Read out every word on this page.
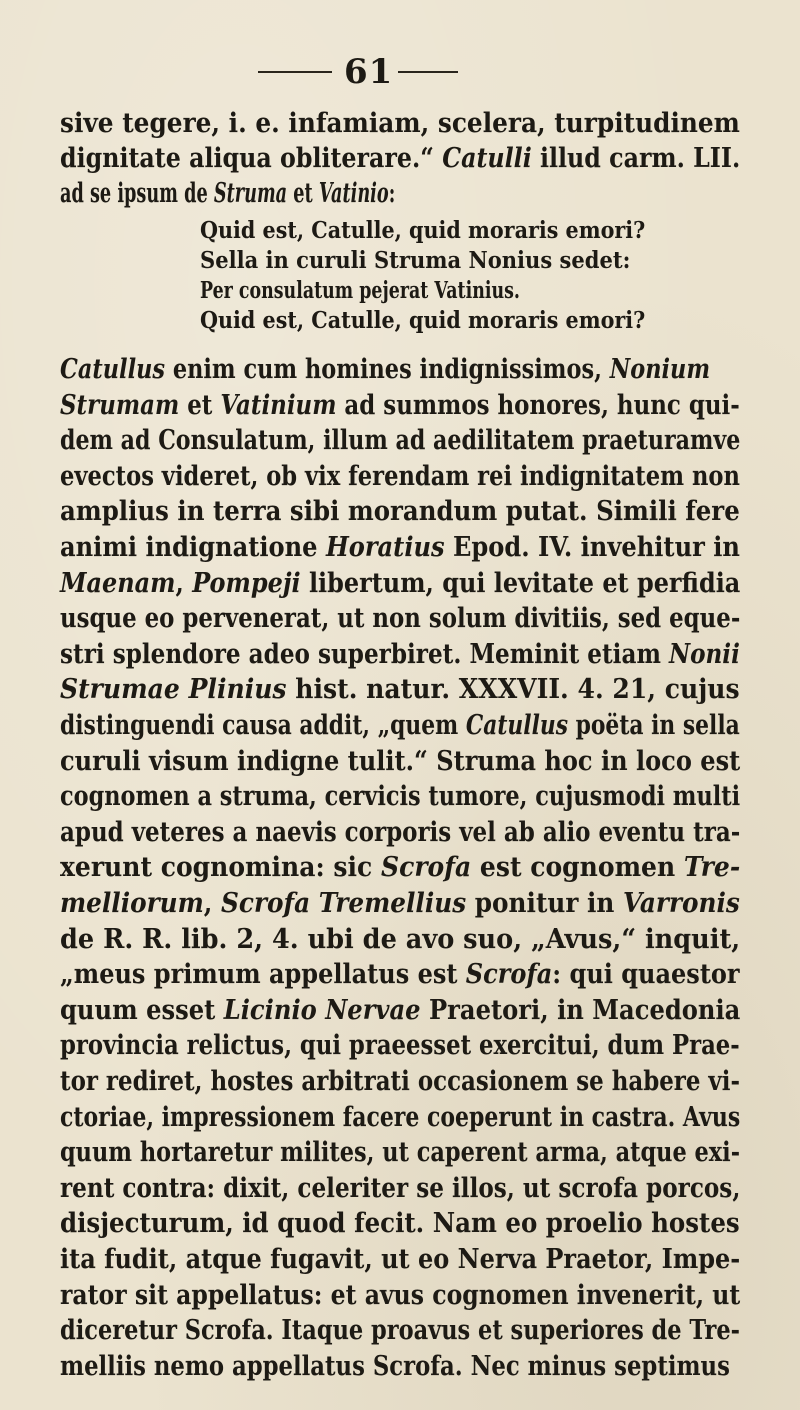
61
sive tegere, i. e. infamiam, scelera, turpitudinem
dignitate aliqua obliterare.“ Catulli illud carm. LII.
ad se ipsum de Struma et Vatinio:
Quid est, Catulle, quid moraris emori?
Sella in curuli Struma Nonius sedet:
Per consulatum pejerat Vatinius.
Quid est, Catulle, quid moraris emori?
Catullus enim cum homines indignissimos, Nonium
Strumam et Vatinium ad summos honores, hunc qui-
dem ad Consulatum, illum ad aedilitatem praeturamve
evectos videret, ob vix ferendam rei indignitatem non
amplius in terra sibi morandum putat. Simili fere
animi indignatione Horatius Epod. IV. invehitur in
Maenam, Pompeji libertum, qui levitate et perfidia
usque eo pervenerat, ut non solum divitiis, sed eque-
stri splendore adeo superbiret. Meminit etiam Nonii
Strumae Plinius hist. natur. XXXVII. 4. 21, cujus
distinguendi causa addit, „quem Catullus poëta in sella
curuli visum indigne tulit.“ Struma hoc in loco est
cognomen a struma, cervicis tumore, cujusmodi multi
apud veteres a naevis corporis vel ab alio eventu tra-
xerunt cognomina: sic Scrofa est cognomen Tre-
melliorum, Scrofa Tremellius ponitur in Varronis
de R. R. lib. 2, 4. ubi de avo suo, „Avus,“ inquit,
„meus primum appellatus est Scrofa: qui quaestor
quum esset Licinio Nervae Praetori, in Macedonia
provincia relictus, qui praeesset exercitui, dum Prae-
tor rediret, hostes arbitrati occasionem se habere vi-
ctoriae, impressionem facere coeperunt in castra. Avus
quum hortaretur milites, ut caperent arma, atque exi-
rent contra: dixit, celeriter se illos, ut scrofa porcos,
disjecturum, id quod fecit. Nam eo proelio hostes
ita fudit, atque fugavit, ut eo Nerva Praetor, Impe-
rator sit appellatus: et avus cognomen invenerit, ut
diceretur Scrofa. Itaque proavus et superiores de Tre-
melliis nemo appellatus Scrofa. Nec minus septimus
